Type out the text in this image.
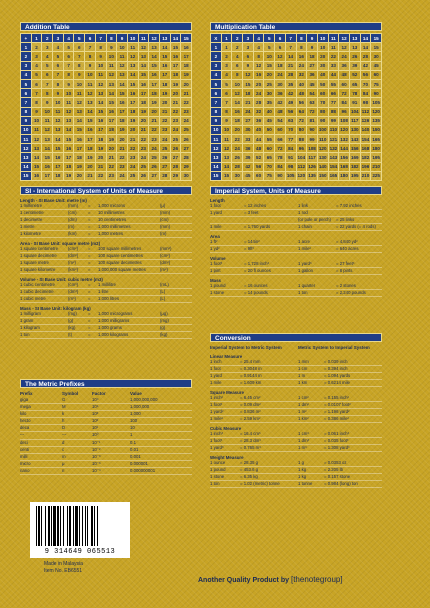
Addition Table
+	1	2	3	4	5	6	7	8	9	10	11	12	13	14	15
1	2	3	4	5	6	7	8	9	10	11	12	13	14	15	16
2	3	4	5	6	7	8	9	10	11	12	13	14	15	16	17
3	4	5	6	7	8	9	10	11	12	13	14	15	16	17	18
4	5	6	7	8	9	10	11	12	13	14	15	16	17	18	19
5	6	7	8	9	10	11	12	13	14	15	16	17	18	19	20
6	7	8	9	10	11	12	13	14	15	16	17	18	19	20	21
7	8	9	10	11	12	13	14	15	16	17	18	19	20	21	22
8	9	10	11	12	13	14	15	16	17	18	19	20	21	22	23
9	10	11	12	13	14	15	16	17	18	19	20	21	22	23	24
10	11	12	13	14	15	16	17	18	19	20	21	22	23	24	25
11	12	13	14	15	16	17	18	19	20	21	22	23	24	25	26
12	13	14	15	16	17	18	19	20	21	22	23	24	25	26	27
13	14	15	16	17	18	19	20	21	22	23	24	25	26	27	28
14	15	16	17	18	19	20	21	22	23	24	25	26	27	28	29
15	16	17	18	19	20	21	22	23	24	25	26	27	28	29	30
Multiplication Table
X	1	2	3	4	5	6	7	8	9	10	11	12	13	14	15
1	1	2	3	4	5	6	7	8	9	10	11	12	13	14	15
2	2	4	6	8	10	12	14	16	18	20	22	24	26	28	30
3	3	6	9	12	15	18	21	24	27	30	33	36	39	42	45
4	4	8	12	16	20	24	28	32	36	40	44	48	52	56	60
5	5	10	15	20	25	30	35	40	45	50	55	60	65	70	75
6	6	12	18	24	30	36	42	48	54	60	66	72	78	84	90
7	7	14	21	28	35	42	49	56	63	70	77	84	91	98	105
8	8	16	24	32	40	48	56	64	72	80	88	96	104	112	120
9	9	18	27	36	45	54	63	72	81	90	99	108	117	126	135
10	10	20	30	40	50	60	70	80	90	100	110	120	130	140	150
11	11	22	33	44	55	66	77	88	99	110	121	132	143	154	165
12	12	24	36	48	60	72	84	96	108	120	132	144	156	168	180
13	13	26	39	52	65	78	91	104	117	130	143	156	169	182	195
14	14	28	42	56	70	84	98	112	126	140	154	168	182	196	210
15	15	30	45	60	75	90	105	120	135	150	165	180	195	210	225
SI - International System of Units of Measure
Length - SI Base Unit: metre (m)
1 millimetre	(mm)	=	1,000 microns	(μ)
1 centimetre	(cm)	=	10 millimetres	(mm)
1 decimetre	(dm)	=	10 centimetres	(cm)
1 metre	(m)	=	1,000 millimetres	(mm)
1 kilometre	(km)	=	1,000 metres	(m)
Area - SI Base Unit: square metre (m2)
1 square centimetre	(cm²)	=	100 square millimetres	(mm²)
1 square decimetre	(dm²)	=	100 square centimetres	(cm²)
1 square metre	(m²)	=	100 square decimetres	(dm²)
1 square kilometre	(km²)	=	1,000,000 square metres	(m²)
Volume - SI Base Unit: cubic metre (m3)
1 cubic centimetre	(cm³)	=	1 millilitre	(mL)
1 cubic decimetre	(dm³)	=	1 litre	(L)
1 cubic metre	(m³)	=	1,000 litres	(L)
Mass - SI Base Unit: kilogram (kg)
1 milligram	(mg)	=	1,000 micrograms	(μg)
1 gram	(g)	=	1,000 milligrams	(mg)
1 kilogram	(kg)	=	1,000 grams	(g)
1 ton	(t)	=	1,000 kilograms	(kg)
The Metric Prefixes
Prefix	Symbol	Factor	Value
giga	G	10⁹	1,000,000,000
mega	M	10⁶	1,000,000
kilo	k	10³	1,000
hecto	h	10²	100
deca	D	10¹	10
---	---	10⁰	1
deci	d	10⁻¹	0.1
centi	c	10⁻²	0.01
milli	m	10⁻³	0.001
micro	μ	10⁻⁶	0.000001
nano	n	10⁻⁹	0.000000001
Imperial System, Units of Measure
Length
1 foot	= 12 inches	1 link	= 7.92 inches
1 yard	= 3 feet	1 rod
(or pole or perch)	= 25 links
1 mile	= 1,760 yards	1 chain	= 22 yards (= 4 rods)
Area
1 ft²	= 144in²	1 acre	= 4,840 yd²
1 yd²	= 9ft²	1 mile²	= 640 acres
Volume
1 foot³	= 1,728 inch³	1 yard³	= 27 feet³
1 pint	= 20 fl ounces	1 gallon	= 8 pints
Mass
1 pound	= 16 ounces	1 quarter	= 2 stones
1 stone	= 14 pounds	1 ton	= 2,240 pounds
Conversion
Imperial System to Metric System	Metric System to Imperial System
Linear Measure
1 inch	= 25.4 mm	1 mm	= 0.039 inch
1 foot	= 0.3048 m	1 cm	= 0.394 inch
1 yard	= 0.9144 m	1 m	= 1.094 yards
1 mile	= 1.609 km	1 km	= 0.6214 mile
Square Measure
1 inch²	= 6.45 cm²	1 cm²	= 0.155 inch²
1 foot²	= 0.09 dm²	1 dm²	= 0.0107 foot²
1 yard²	= 0.836 m²	1 m²	= 1.196 yard²
1 mile²	= 2.59 km²	1 km²	= 0.386 mile²
Cubic Measure
1 inch³	= 16.4 cm³	1 cm³	= 0.061 inch³
1 foot³	= 28.3 dm³	1 dm³	= 0.035 foot³
1 yard³	= 0.765 m³	1 m³	= 1.308 yard³
Weight Measure
1 ounce	= 28.35 g	1 g	= 0.0353 oz
1 pound	= 453.6 g	1 kg	= 2.205 lb
1 stone	= 6.35 kg	1 kg	= 0.157 stone
1 ton	= 1.02 (metric) tonne	1 tonne	= 0.984 (long) ton
9 314649 065513
Made in Malaysia
Item No. EB6551
Another Quality Product by [thenotegroup]
